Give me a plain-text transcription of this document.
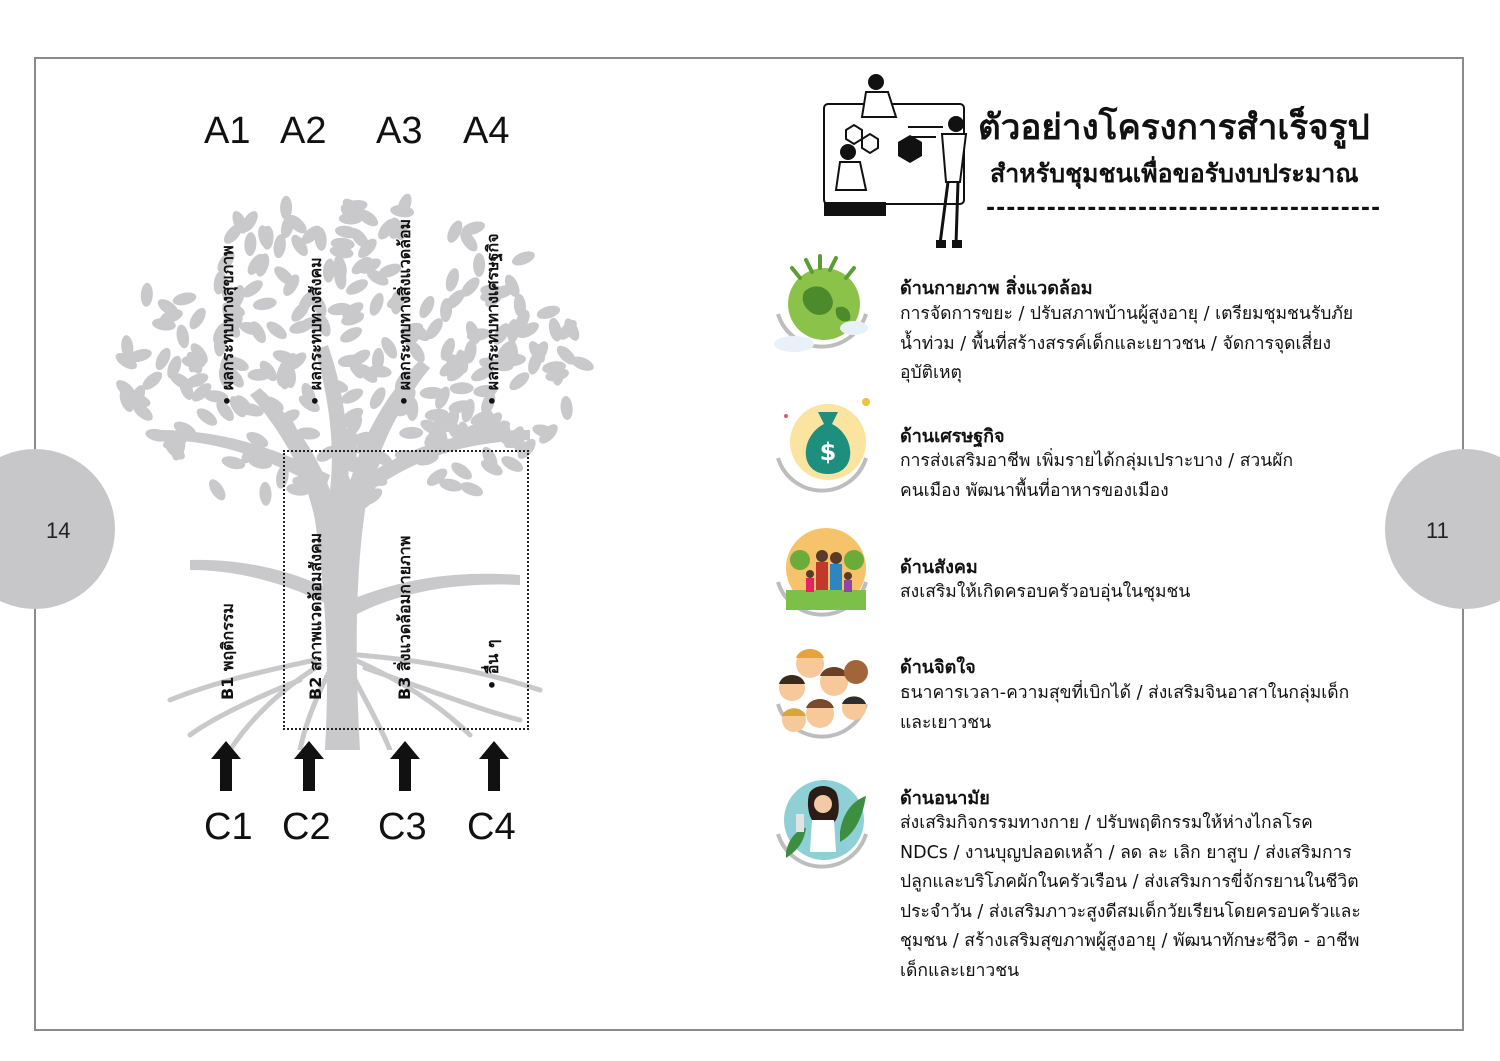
14	11
A1 A2 A3 A4
• ผลกระทบทางสุขภาพ	• ผลกระทบทางสังคม	• ผลกระทบทางสิ่งแวดล้อม	• ผลกระทบทางเศรษฐกิจ
B1 พฤติกรรม	B2 สภาพแวดล้อมสังคม	B3 สิ่งแวดล้อมกายภาพ	• อื่น ๆ
C1 C2 C3 C4
ตัวอย่างโครงการสำเร็จรูป
สำหรับชุมชนเพื่อขอรับงบประมาณ
---------------------------------------
$
ด้านกายภาพ สิ่งแวดล้อม
การจัดการขยะ / ปรับสภาพบ้านผู้สูงอายุ / เตรียมชุมชนรับภัย
น้ำท่วม / พื้นที่สร้างสรรค์เด็กและเยาวชน / จัดการจุดเสี่ยง
อุบัติเหตุ
ด้านเศรษฐกิจ
การส่งเสริมอาชีพ เพิ่มรายได้กลุ่มเปราะบาง / สวนผัก
คนเมือง พัฒนาพื้นที่อาหารของเมือง
ด้านสังคม
สงเสริมให้เกิดครอบครัวอบอุ่นในชุมชน
ด้านจิตใจ
ธนาคารเวลา-ความสุขที่เบิกได้ / ส่งเสริมจินอาสาในกลุ่มเด็ก
และเยาวชน
ด้านอนามัย
ส่งเสริมกิจกรรมทางกาย / ปรับพฤติกรรมให้ห่างไกลโรค
NDCs / งานบุญปลอดเหล้า / ลด ละ เลิก ยาสูบ / ส่งเสริมการ
ปลูกและบริโภคผักในครัวเรือน / ส่งเสริมการขี่จักรยานในชีวิต
ประจำวัน / ส่งเสริมภาวะสูงดีสมเด็กวัยเรียนโดยครอบครัวและ
ชุมชน / สร้างเสริมสุขภาพผู้สูงอายุ / พัฒนาทักษะชีวิต - อาชีพ
เด็กและเยาวชน
